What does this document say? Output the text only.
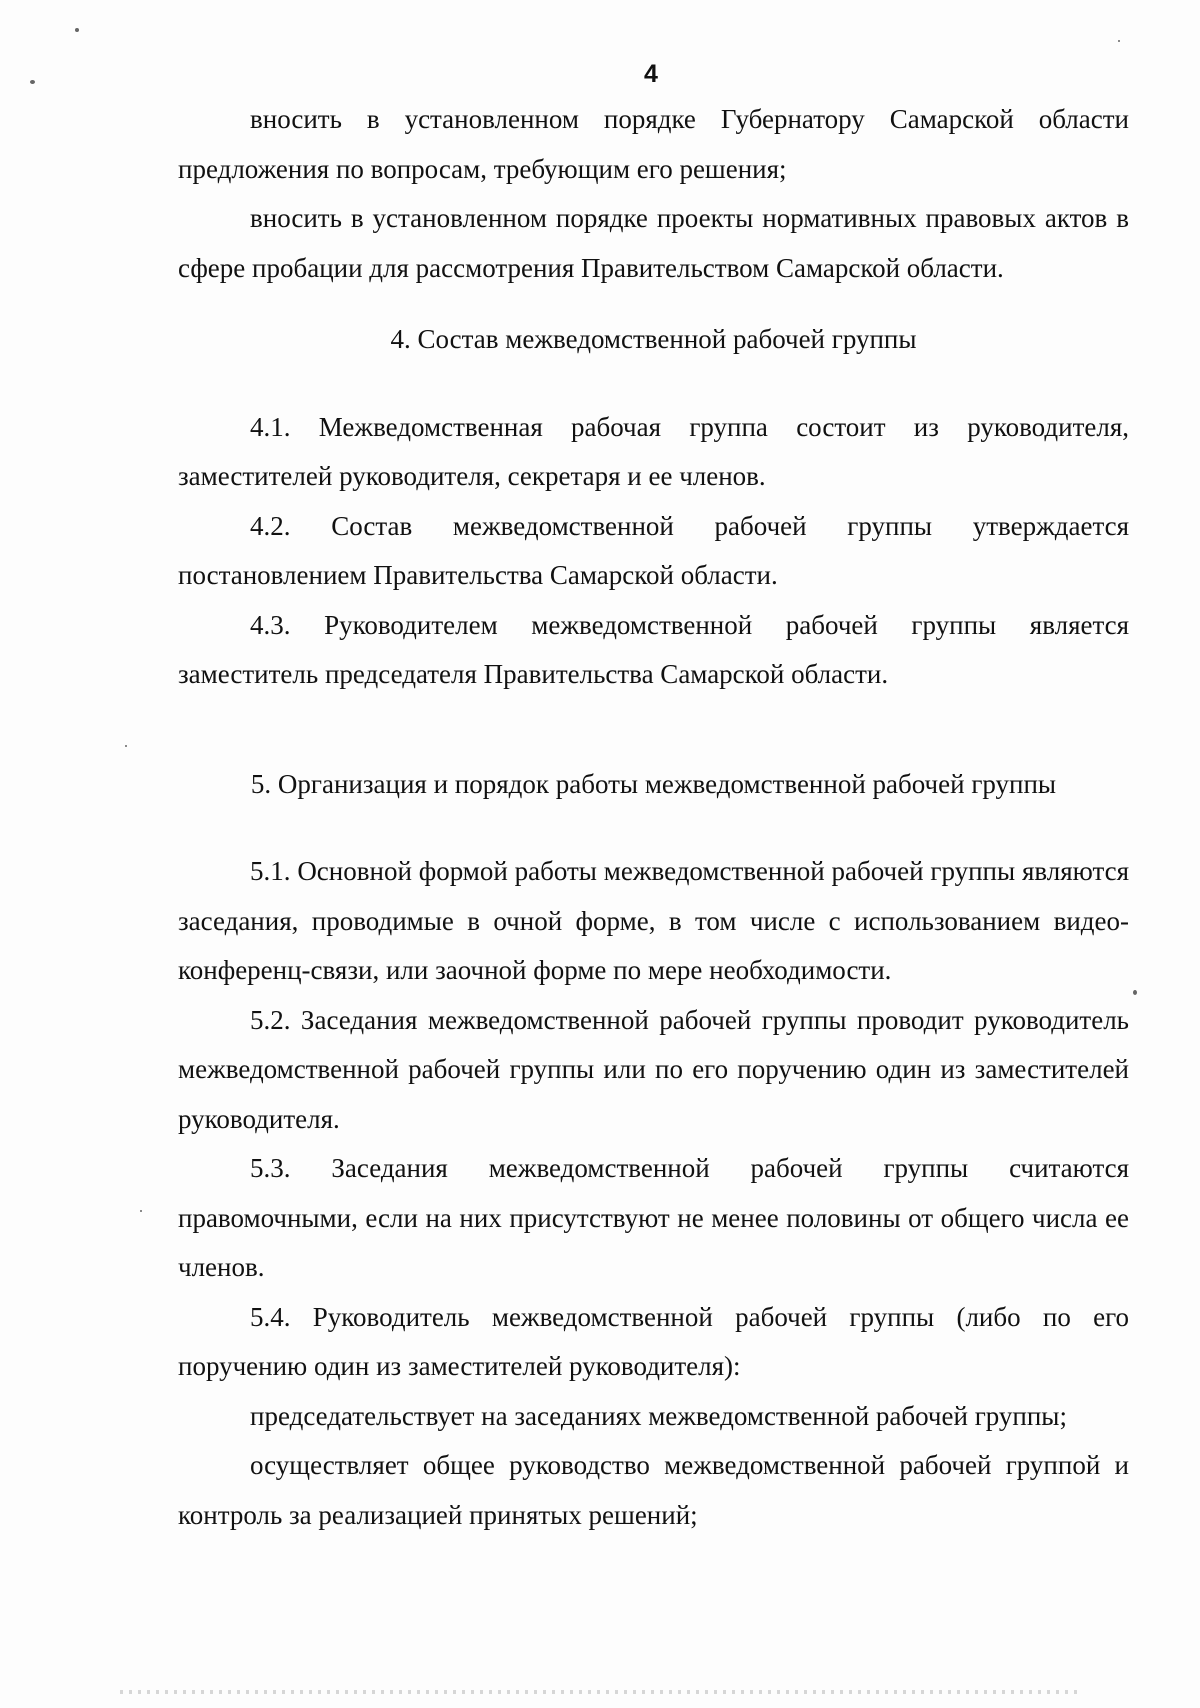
4

вносить в установленном порядке Губернатору Самарской области предложения по вопросам, требующим его решения;

вносить в установленном порядке проекты нормативных правовых актов в сфере пробации для рассмотрения Правительством Самарской области.

4. Состав межведомственной рабочей группы

4.1. Межведомственная рабочая группа состоит из руководителя, заместителей руководителя, секретаря и ее членов.

4.2. Состав межведомственной рабочей группы утверждается постановлением Правительства Самарской области.

4.3. Руководителем межведомственной рабочей группы является заместитель председателя Правительства Самарской области.

5. Организация и порядок работы межведомственной рабочей группы

5.1. Основной формой работы межведомственной рабочей группы являются заседания, проводимые в очной форме, в том числе с использованием видео-конференц-связи, или заочной форме по мере необходимости.

5.2. Заседания межведомственной рабочей группы проводит руководитель межведомственной рабочей группы или по его поручению один из заместителей руководителя.

5.3. Заседания межведомственной рабочей группы считаются правомочными, если на них присутствуют не менее половины от общего числа ее членов.

5.4. Руководитель межведомственной рабочей группы (либо по его поручению один из заместителей руководителя):

председательствует на заседаниях межведомственной рабочей группы;

осуществляет общее руководство межведомственной рабочей группой и контроль за реализацией принятых решений;
